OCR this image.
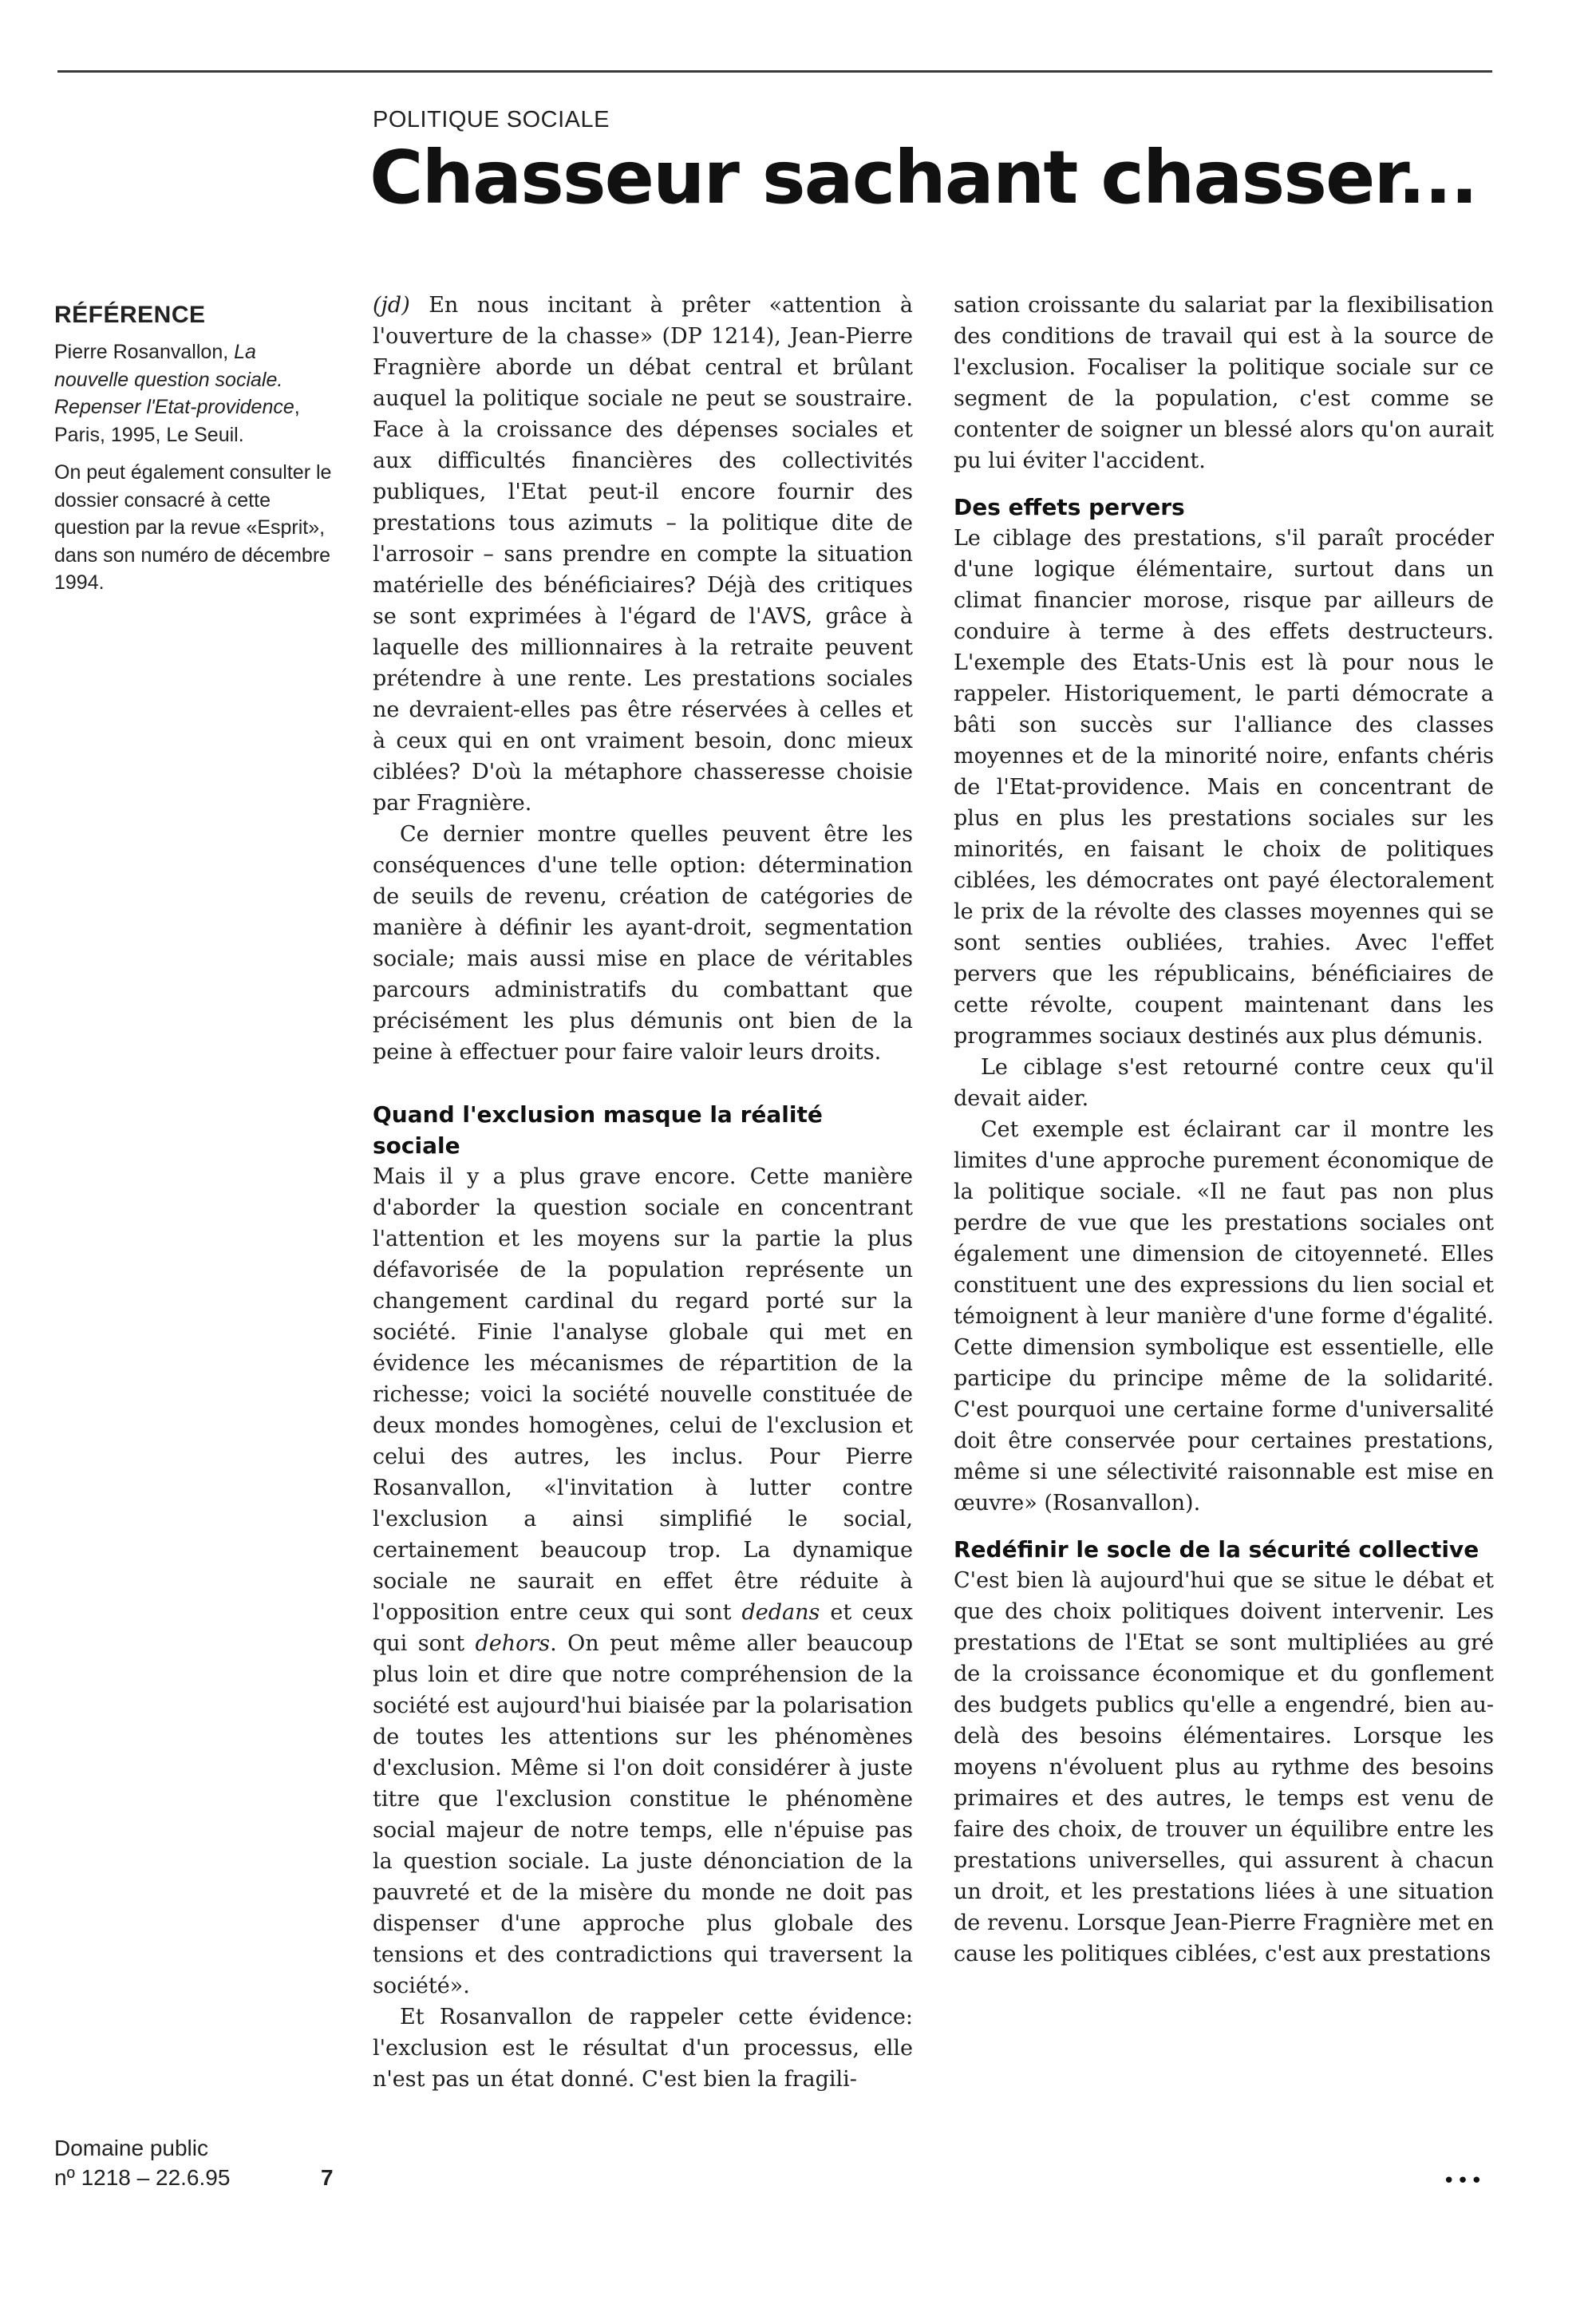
POLITIQUE SOCIALE
Chasseur sachant chasser...
RÉFÉRENCE

Pierre Rosanvallon, La nouvelle question sociale. Repenser l'Etat-providence, Paris, 1995, Le Seuil.

On peut également consulter le dossier consacré à cette question par la revue «Esprit», dans son numéro de décembre 1994.

Domaine public
nº 1218 – 22.6.95	7

(jd) En nous incitant à prêter «attention à l'ouverture de la chasse» (DP 1214), Jean-Pierre Fragnière aborde un débat central et brûlant auquel la politique sociale ne peut se soustraire. Face à la croissance des dépenses sociales et aux difficultés financières des collectivités publiques, l'Etat peut-il encore fournir des prestations tous azimuts – la politique dite de l'arrosoir – sans prendre en compte la situation matérielle des bénéficiaires? Déjà des critiques se sont exprimées à l'égard de l'AVS, grâce à laquelle des millionnaires à la retraite peuvent prétendre à une rente. Les prestations sociales ne devraient-elles pas être réservées à celles et à ceux qui en ont vraiment besoin, donc mieux ciblées? D'où la métaphore chasseresse choisie par Fragnière.

Ce dernier montre quelles peuvent être les conséquences d'une telle option: détermination de seuils de revenu, création de catégories de manière à définir les ayant-droit, segmentation sociale; mais aussi mise en place de véritables parcours administratifs du combattant que précisément les plus démunis ont bien de la peine à effectuer pour faire valoir leurs droits.

Quand l'exclusion masque la réalité sociale

Mais il y a plus grave encore. Cette manière d'aborder la question sociale en concentrant l'attention et les moyens sur la partie la plus défavorisée de la population représente un changement cardinal du regard porté sur la société. Finie l'analyse globale qui met en évidence les mécanismes de répartition de la richesse; voici la société nouvelle constituée de deux mondes homogènes, celui de l'exclusion et celui des autres, les inclus. Pour Pierre Rosanvallon, «l'invitation à lutter contre l'exclusion a ainsi simplifié le social, certainement beaucoup trop. La dynamique sociale ne saurait en effet être réduite à l'opposition entre ceux qui sont dedans et ceux qui sont dehors. On peut même aller beaucoup plus loin et dire que notre compréhension de la société est aujourd'hui biaisée par la polarisation de toutes les attentions sur les phénomènes d'exclusion. Même si l'on doit considérer à juste titre que l'exclusion constitue le phénomène social majeur de notre temps, elle n'épuise pas la question sociale. La juste dénonciation de la pauvreté et de la misère du monde ne doit pas dispenser d'une approche plus globale des tensions et des contradictions qui traversent la société».

Et Rosanvallon de rappeler cette évidence: l'exclusion est le résultat d'un processus, elle n'est pas un état donné. C'est bien la fragili-

sation croissante du salariat par la flexibilisation des conditions de travail qui est à la source de l'exclusion. Focaliser la politique sociale sur ce segment de la population, c'est comme se contenter de soigner un blessé alors qu'on aurait pu lui éviter l'accident.

Des effets pervers

Le ciblage des prestations, s'il paraît procéder d'une logique élémentaire, surtout dans un climat financier morose, risque par ailleurs de conduire à terme à des effets destructeurs. L'exemple des Etats-Unis est là pour nous le rappeler. Historiquement, le parti démocrate a bâti son succès sur l'alliance des classes moyennes et de la minorité noire, enfants chéris de l'Etat-providence. Mais en concentrant de plus en plus les prestations sociales sur les minorités, en faisant le choix de politiques ciblées, les démocrates ont payé électoralement le prix de la révolte des classes moyennes qui se sont senties oubliées, trahies. Avec l'effet pervers que les républicains, bénéficiaires de cette révolte, coupent maintenant dans les programmes sociaux destinés aux plus démunis.

Le ciblage s'est retourné contre ceux qu'il devait aider.

Cet exemple est éclairant car il montre les limites d'une approche purement économique de la politique sociale. «Il ne faut pas non plus perdre de vue que les prestations sociales ont également une dimension de citoyenneté. Elles constituent une des expressions du lien social et témoignent à leur manière d'une forme d'égalité. Cette dimension symbolique est essentielle, elle participe du principe même de la solidarité. C'est pourquoi une certaine forme d'universalité doit être conservée pour certaines prestations, même si une sélectivité raisonnable est mise en œuvre» (Rosanvallon).

Redéfinir le socle de la sécurité collective

C'est bien là aujourd'hui que se situe le débat et que des choix politiques doivent intervenir. Les prestations de l'Etat se sont multipliées au gré de la croissance économique et du gonflement des budgets publics qu'elle a engendré, bien au-delà des besoins élémentaires. Lorsque les moyens n'évoluent plus au rythme des besoins primaires et des autres, le temps est venu de faire des choix, de trouver un équilibre entre les prestations universelles, qui assurent à chacun un droit, et les prestations liées à une situation de revenu. Lorsque Jean-Pierre Fragnière met en cause les politiques ciblées, c'est aux prestations

•••
